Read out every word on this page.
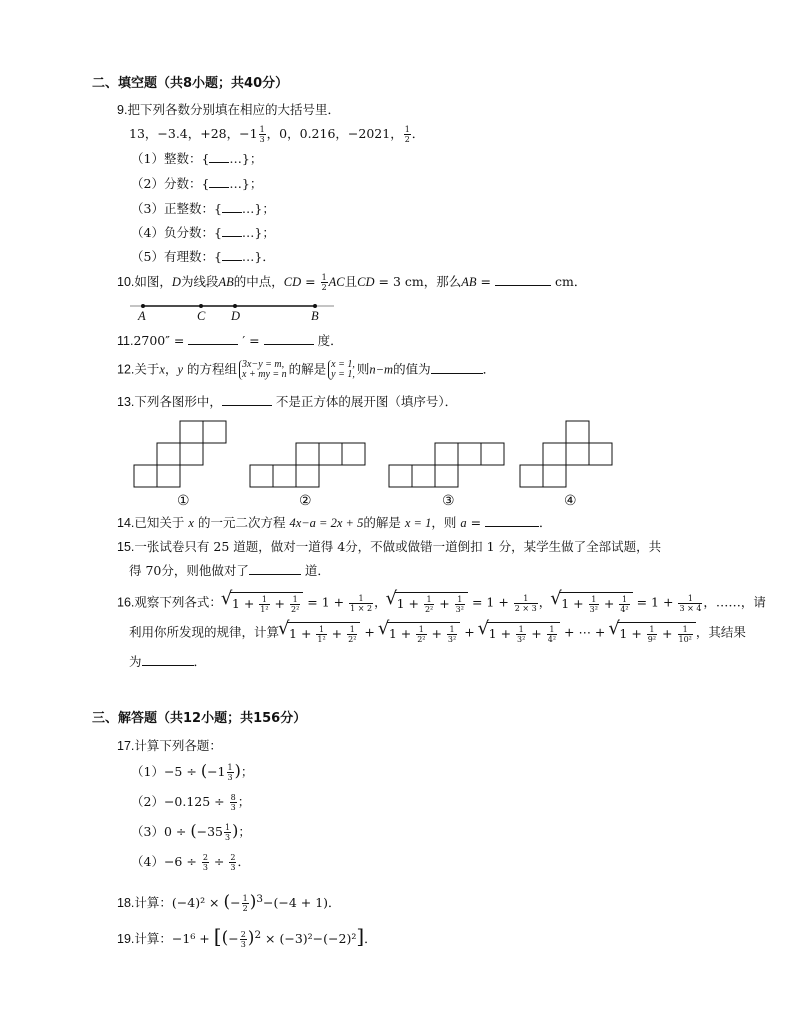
二、填空题（共8小题；共40分）
9.把下列各数分别填在相应的大括号里．
13，−3.4，+28，$-1 \frac{1}{3}$ ，0，0.216，−2021， $\frac{1}{2}$ ．
（1）整数：{ …}；
（2）分数：{ …}；
（3）正整数：{ …}；
（4）负分数：{ …}；
（5）有理数：{ …}．
10.如图，D为线段AB的中点，CD = $\frac{1}{2}$ AC且CD = 3 cm，那么AB =	cm．
A	C D	B
11.2700″ =	′ =	度．
12.关于x，y 的方程组 3x−y = m,
x + my = n 的解是 x = 1,
y = 1, 则n−m的值为	．
13.下列各图形中，	不是正方体的展开图（填序号）．
①	②	③	④
14.已知关于 x 的一元二次方程 4x−a = 2x + 5的解是 x = 1，则 a =	．
15.一张试卷只有 25 道题，做对一道得 4分，不做或做错一道倒扣 1 分，某学生做了全部试题，共
得 70分，则他做对了	道．
16.观察下列各式： √ $1 + \frac{1}{\text{1²}} + \frac{1}{\text{2²}} = 1 + \frac{1}{1 \times 2}$ ， √ $1 + \frac{1}{\text{2²}} + \frac{1}{\text{3²}} = 1 + \frac{1}{2 \times 3}$ ， √ $1 + \frac{1}{\text{3²}} + \frac{1}{\text{4²}} = 1 + \frac{1}{3 \times 4}$ ，……，请
利用你所发现的规律，计算 √ $1 + \frac{1}{\text{1²}} + \frac{1}{\text{2²}}$ + √ $1 + \frac{1}{\text{2²}} + \frac{1}{\text{3²}}$ + √ $1 + \frac{1}{\text{3²}} + \frac{1}{\text{4²}}$ + ⋯ + √ $1 + \frac{1}{\text{9²}} + \frac{1}{\text{10²}}$ ，其结果
为	．
三、解答题（共12小题；共156分）
17.计算下列各题：
$(1)-5 \div (-1 \frac{1}{3}$ )；
$(2)-0.125 \div \frac{8}{3}$ ；
$(3)0 \div (-35 \frac{1}{3}$ )；
$(4)-6 \div \frac{2}{3} \div \frac{2}{3}$ ．
18.计算：(−4)² × (− $\frac{1}{2} )^3-(-4 + 1)$．
19.计算：−1⁶ + [(− $\frac{2}{3} )^2 \times (-3)^2-(-2)^2$]．
